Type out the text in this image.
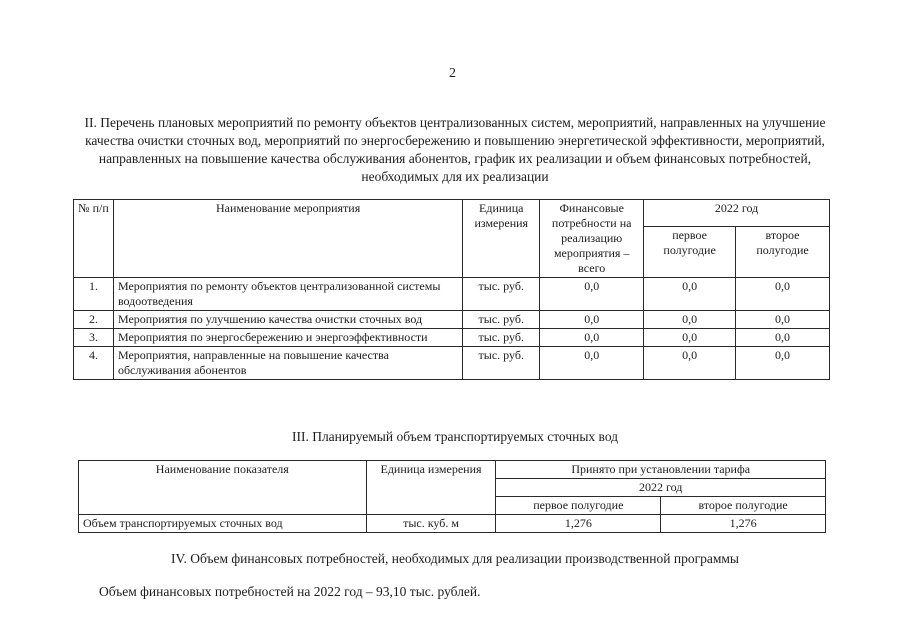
2
II. Перечень плановых мероприятий по ремонту объектов централизованных систем, мероприятий, направленных на улучшение качества очистки сточных вод, мероприятий по энергосбережению и повышению энергетической эффективности, мероприятий, направленных на повышение качества обслуживания абонентов, график их реализации и объем финансовых потребностей, необходимых для их реализации
№ п/п	Наименование мероприятия	Единица измерения	Финансовые потребности на реализацию мероприятия – всего	2022 год	
				первое полугодие	второе полугодие
1.	Мероприятия по ремонту объектов централизованной системы водоотведения	тыс. руб.	0,0	0,0	0,0
2.	Мероприятия по улучшению качества очистки сточных вод	тыс. руб.	0,0	0,0	0,0
3.	Мероприятия по энергосбережению и энергоэффективности	тыс. руб.	0,0	0,0	0,0
4.	Мероприятия, направленные на повышение качества обслуживания абонентов	тыс. руб.	0,0	0,0	0,0
III. Планируемый объем транспортируемых сточных вод
Наименование показателя	Единица измерения	Принято при установлении тарифа	
		2022 год	
		первое полугодие	второе полугодие
Объем транспортируемых сточных вод	тыс. куб. м	1,276	1,276
IV. Объем финансовых потребностей, необходимых для реализации производственной программы
Объем финансовых потребностей на 2022 год – 93,10 тыс. рублей.
